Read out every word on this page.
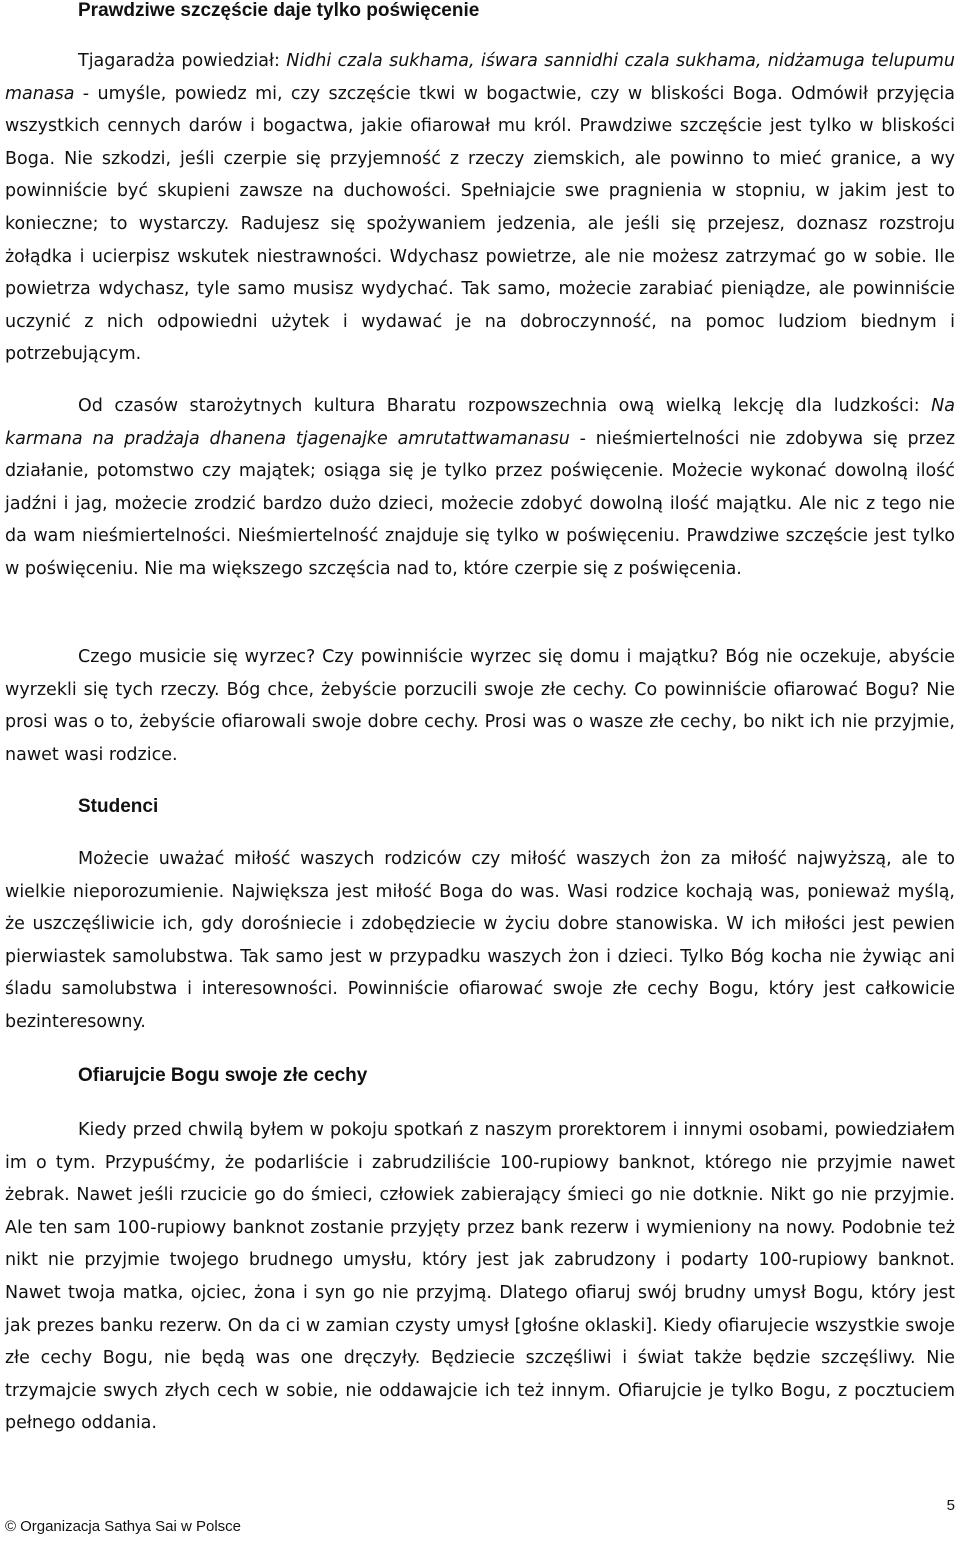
Prawdziwe szczęście daje tylko poświęcenie

Tjagaradża powiedział: Nidhi czala sukhama, iśwara sannidhi czala sukhama, nidżamuga telupumu manasa - umyśle, powiedz mi, czy szczęście tkwi w bogactwie, czy w bliskości Boga. Odmówił przyjęcia wszystkich cennych darów i bogactwa, jakie ofiarował mu król. Prawdziwe szczęście jest tylko w bliskości Boga. Nie szkodzi, jeśli czerpie się przyjemność z rzeczy ziemskich, ale powinno to mieć granice, a wy powinniście być skupieni zawsze na duchowości. Spełniajcie swe pragnienia w stopniu, w jakim jest to konieczne; to wystarczy. Radujesz się spożywaniem jedzenia, ale jeśli się przejesz, doznasz rozstroju żołądka i ucierpisz wskutek niestrawności. Wdychasz powietrze, ale nie możesz zatrzymać go w sobie. Ile powietrza wdychasz, tyle samo musisz wydychać. Tak samo, możecie zarabiać pieniądze, ale powinniście uczynić z nich odpowiedni użytek i wydawać je na dobroczynność, na pomoc ludziom biednym i potrzebującym.

Od czasów starożytnych kultura Bharatu rozpowszechnia ową wielką lekcję dla ludzkości: Na karmana na pradżaja dhanena tjagenajke amrutattwamanasu - nieśmiertelności nie zdobywa się przez działanie, potomstwo czy majątek; osiąga się je tylko przez poświęcenie. Możecie wykonać dowolną ilość jadźni i jag, możecie zrodzić bardzo dużo dzieci, możecie zdobyć dowolną ilość majątku. Ale nic z tego nie da wam nieśmiertelności. Nieśmiertelność znajduje się tylko w poświęceniu. Prawdziwe szczęście jest tylko w poświęceniu. Nie ma większego szczęścia nad to, które czerpie się z poświęcenia.

Czego musicie się wyrzec? Czy powinniście wyrzec się domu i majątku? Bóg nie oczekuje, abyście wyrzekli się tych rzeczy. Bóg chce, żebyście porzucili swoje złe cechy. Co powinniście ofiarować Bogu? Nie prosi was o to, żebyście ofiarowali swoje dobre cechy. Prosi was o wasze złe cechy, bo nikt ich nie przyjmie, nawet wasi rodzice.

Studenci

Możecie uważać miłość waszych rodziców czy miłość waszych żon za miłość najwyższą, ale to wielkie nieporozumienie. Największa jest miłość Boga do was. Wasi rodzice kochają was, ponieważ myślą, że uszczęśliwicie ich, gdy dorośniecie i zdobędziecie w życiu dobre stanowiska. W ich miłości jest pewien pierwiastek samolubstwa. Tak samo jest w przypadku waszych żon i dzieci. Tylko Bóg kocha nie żywiąc ani śladu samolubstwa i interesowności. Powinniście ofiarować swoje złe cechy Bogu, który jest całkowicie bezinteresowny.

Ofiarujcie Bogu swoje złe cechy

Kiedy przed chwilą byłem w pokoju spotkań z naszym prorektorem i innymi osobami, powiedziałem im o tym. Przypuśćmy, że podarliście i zabrudziliście 100-rupiowy banknot, którego nie przyjmie nawet żebrak. Nawet jeśli rzucicie go do śmieci, człowiek zabierający śmieci go nie dotknie. Nikt go nie przyjmie. Ale ten sam 100-rupiowy banknot zostanie przyjęty przez bank rezerw i wymieniony na nowy. Podobnie też nikt nie przyjmie twojego brudnego umysłu, który jest jak zabrudzony i podarty 100-rupiowy banknot. Nawet twoja matka, ojciec, żona i syn go nie przyjmą. Dlatego ofiaruj swój brudny umysł Bogu, który jest jak prezes banku rezerw. On da ci w zamian czysty umysł [głośne oklaski]. Kiedy ofiarujecie wszystkie swoje złe cechy Bogu, nie będą was one dręczyły. Będziecie szczęśliwi i świat także będzie szczęśliwy. Nie trzymajcie swych złych cech w sobie, nie oddawajcie ich też innym. Ofiarujcie je tylko Bogu, z pocztuciem pełnego oddania.

© Organizacja Sathya Sai w Polsce
5
